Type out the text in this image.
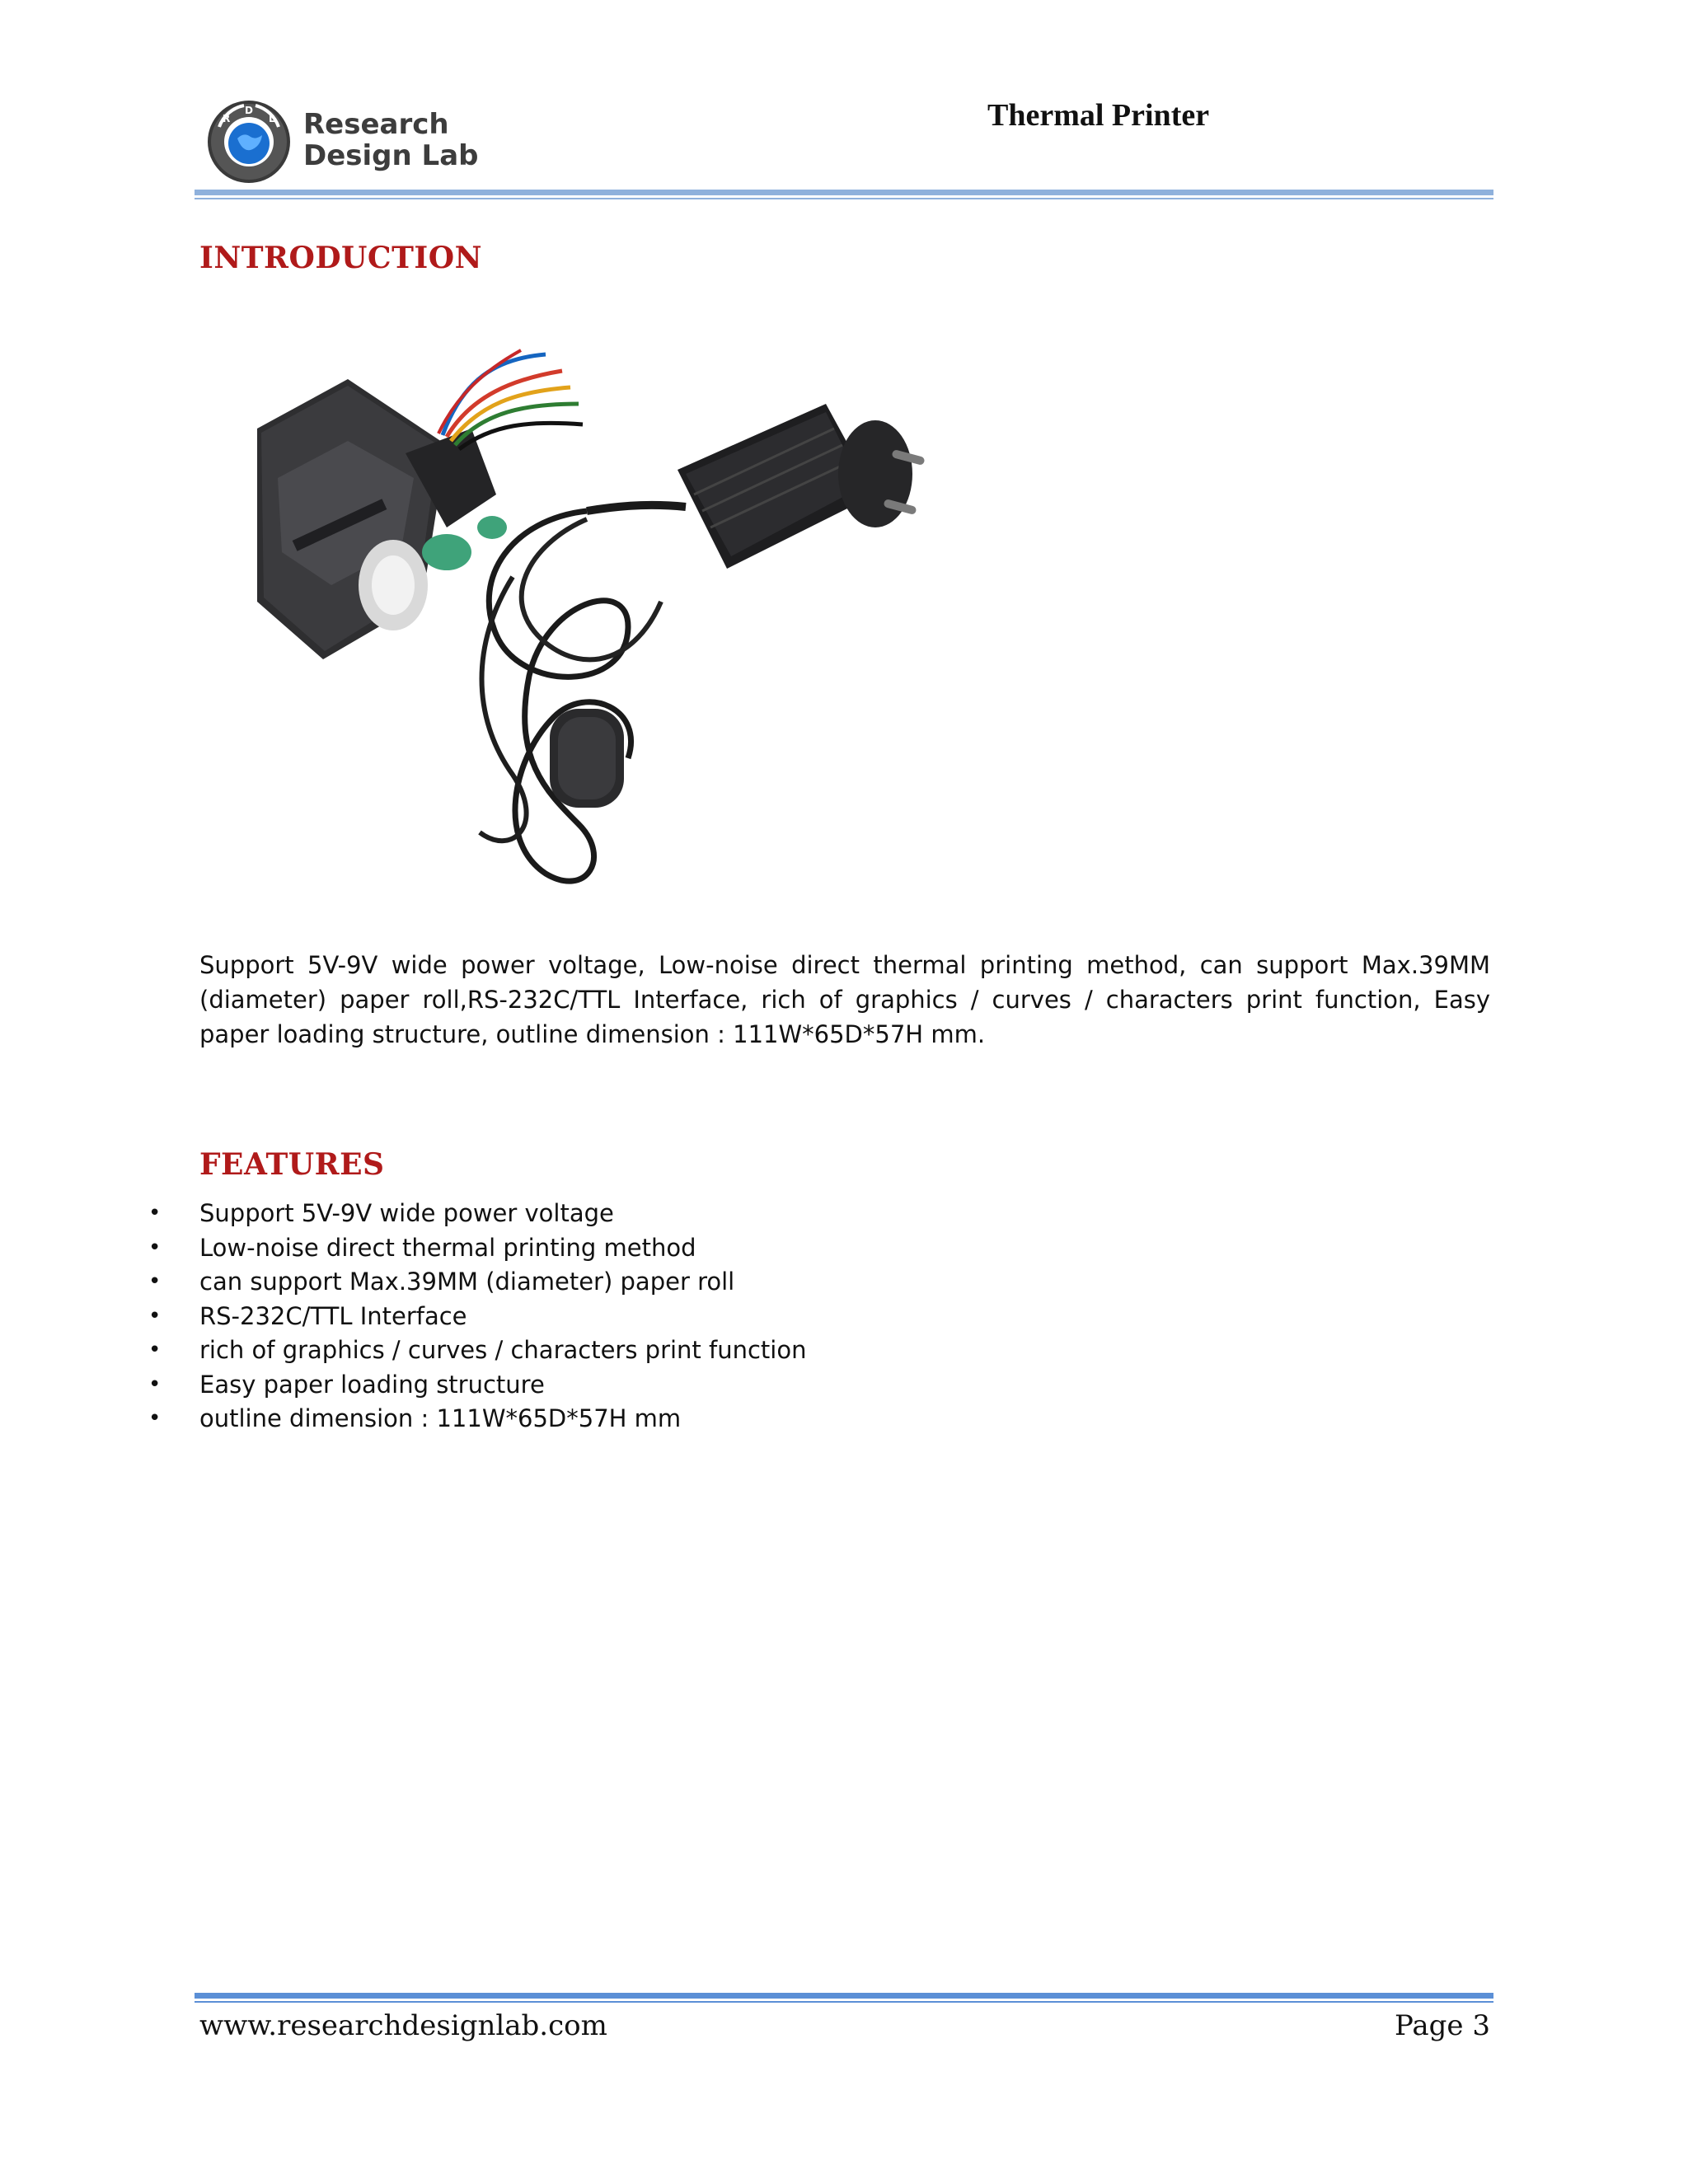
R
D
L Research
Design Lab
Thermal Printer
INTRODUCTION
Support 5V-9V wide power voltage, Low-noise direct thermal printing method, can support Max.39MM (diameter) paper roll,RS-232C/TTL Interface, rich of graphics / curves / characters print function, Easy paper loading structure, outline dimension : 111W*65D*57H mm.
FEATURES
• Support 5V-9V wide power voltage
• Low-noise direct thermal printing method
• can support Max.39MM (diameter) paper roll
• RS-232C/TTL Interface
• rich of graphics / curves / characters print function
• Easy paper loading structure
• outline dimension : 111W*65D*57H mm
www.researchdesignlab.com	Page 3
